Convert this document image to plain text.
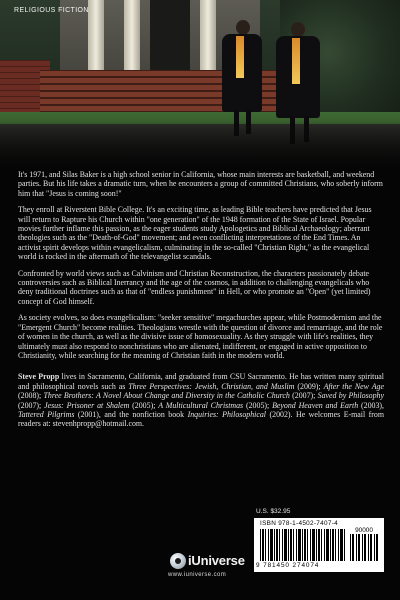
RELIGIOUS FICTION

It's 1971, and Silas Baker is a high school senior in California, whose main interests are basketball, and weekend parties. But his life takes a dramatic turn, when he encounters a group of committed Christians, who soberly inform him that "Jesus is coming soon!"

They enroll at Riverstent Bible College. It's an exciting time, as leading Bible teachers have predicted that Jesus will return to Rapture his Church within "one generation" of the 1948 formation of the State of Israel. Popular movies further inflame this passion, as the eager students study Apologetics and Biblical Archaeology; aberrant theologies such as the "Death-of-God" movement; and even conflicting interpretations of the End Times. An activist spirit develops within evangelicalism, culminating in the so-called "Christian Right," as the evangelical world is rocked in the aftermath of the televangelist scandals.

Confronted by world views such as Calvinism and Christian Reconstruction, the characters passionately debate controversies such as Biblical Inerrancy and the age of the cosmos, in addition to challenging evangelicals who deny traditional doctrines such as that of "endless punishment" in Hell, or who promote an "Open" (yet limited) concept of God himself.

As society evolves, so does evangelicalism: "seeker sensitive" megachurches appear, while Postmodernism and the "Emergent Church" become realities. Theologians wrestle with the question of divorce and remarriage, and the role of women in the church, as well as the divisive issue of homosexuality. As they struggle with life's realities, they ultimately must also respond to nonchristians who are alienated, indifferent, or engaged in active opposition to Christianity, while searching for the meaning of Christian faith in the modern world.

Steve Propp lives in Sacramento, California, and graduated from CSU Sacramento. He has written many spiritual and philosophical novels such as Three Perspectives: Jewish, Christian, and Muslim (2009); After the New Age (2008); Three Brothers: A Novel About Change and Diversity in the Catholic Church (2007); Saved by Philosophy (2007); Jesus: Prisoner at Shalem (2005); A Multicultural Christmas (2005); Beyond Heaven and Earth (2003), Tattered Pilgrims (2001), and the nonfiction book Inquiries: Philosophical (2002). He welcomes E-mail from readers at: stevenhpropp@hotmail.com.

U.S. $32.95
ISBN 978-1-4502-7407-4
90000
9 781450 274074
iUniverse
www.iuniverse.com
